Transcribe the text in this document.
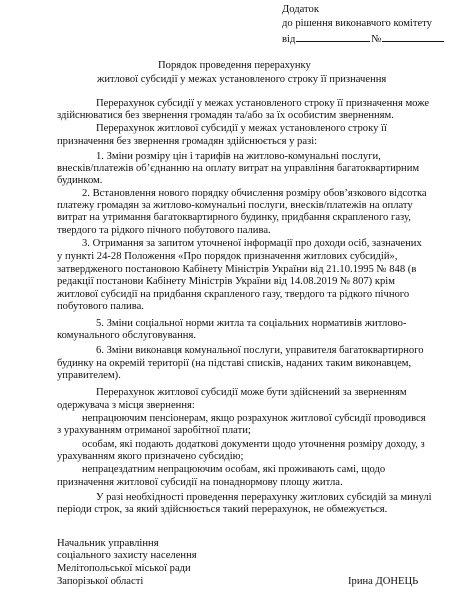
Додаток
до рішення виконавчого комітету
від	№
Порядок проведення перерахунку
житлової субсидії у межах установленого строку її призначення
Перерахунок субсидії у межах установленого строку її призначення може
здійснюватися без звернення громадян та/або за їх особистим зверненням.
Перерахунок житлової субсидії у межах установленого строку її
призначення без звернення громадян здійснюється у разі:
1. Зміни розміру цін і тарифів на житлово-комунальні послуги,
внесків/платежів об’єднанню на оплату витрат на управління багатоквартирним
будинком.
2. Встановлення нового порядку обчислення розміру обов’язкового відсотка
платежу громадян за житлово-комунальні послуги, внесків/платежів на оплату
витрат на утримання багатоквартирного будинку, придбання скрапленого газу,
твердого та рідкого пічного побутового палива.
3. Отримання за запитом уточненої інформації про доходи осіб, зазначених
у пункті 24-28 Положення «Про порядок призначення житлових субсидій»,
затвердженого постановою Кабінету Міністрів України від 21.10.1995 № 848 (в
редакції постанови Кабінету Міністрів України від 14.08.2019 № 807) крім
житлової субсидії на придбання скрапленого газу, твердого та рідкого пічного
побутового палива.
5. Зміни соціальної норми житла та соціальних нормативів житлово-
комунального обслуговування.
6. Зміни виконавця комунальної послуги, управителя багатоквартирного
будинку на окремій території (на підставі списків, наданих таким виконавцем,
управителем).
Перерахунок житлової субсидії може бути здійснений за зверненням
одержувача з місця звернення:
непрацюючим пенсіонерам, якщо розрахунок житлової субсидії проводився
з урахуванням отриманої заробітної плати;
особам, які подають додаткові документи щодо уточнення розміру доходу, з
урахуванням якого призначено субсидію;
непрацездатним непрацюючим особам, які проживають самі, щодо
призначення житлової субсидії на понаднормову площу житла.
У разі необхідності проведення перерахунку житлових субсидій за минулі
періоди строк, за який здійснюється такий перерахунок, не обмежується.
Начальник управління
соціального захисту населення
Мелітопольської міської ради
Запорізької області	Ірина ДОНЕЦЬ
